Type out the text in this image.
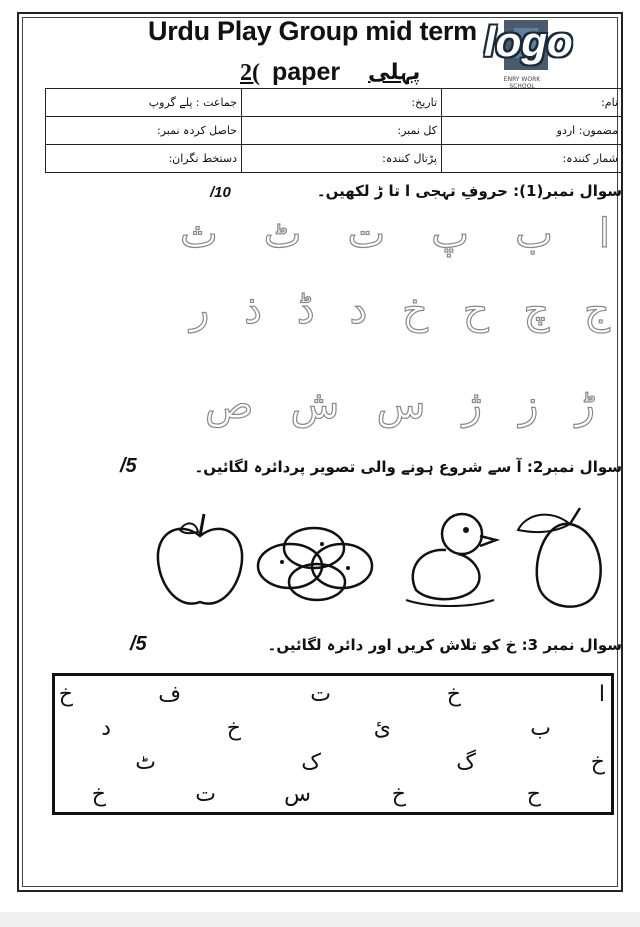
Urdu Play Group mid term logo
ENRY WORK SCHOOL
2( paper پہلی
جماعت : پلے گروپ	تاریخ:	نام:
حاصل کردہ نمبر:	کل نمبر:	مضمون: اردو
دستخط نگران:	پڑتال کنندہ:	شمار کنندہ:
سوال نمبر(1): حروفِ تہجی ا تا ڑ لکھیں۔
/10
ا
ب
پ
ت
ٹ
ث
ج
چ
ح
خ
د
ڈ
ذ
ر
ڑ
ز
ژ
س
ش
ص
سوال نمبر2: آ سے شروع ہونے والی تصویر پردائرہ لگائیں۔
/5
سوال نمبر 3: خ کو تلاش کریں اور دائرہ لگائیں۔
/5
ا
خ
ت
ف
خ
ب
ئ
خ
د
خ
گ
ک
ٹ
ح
خ
س
ت
خ
